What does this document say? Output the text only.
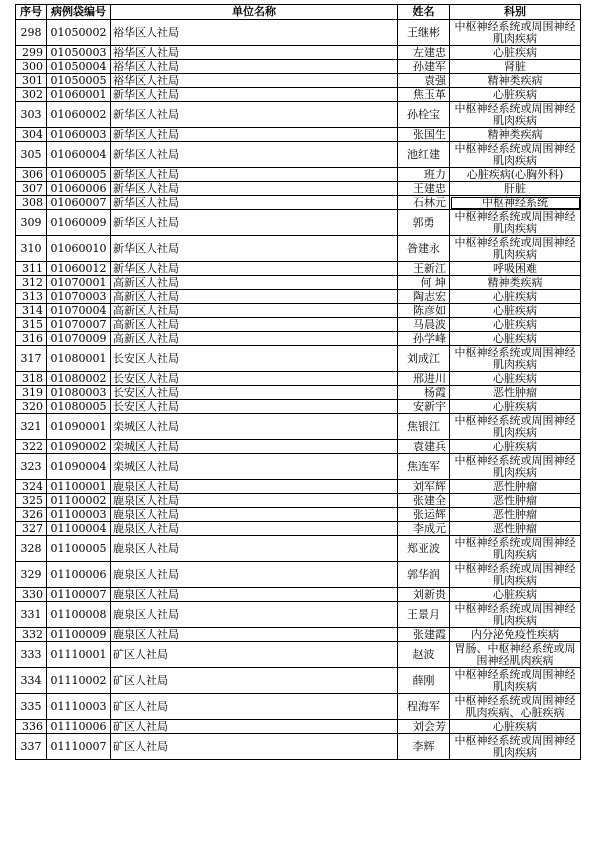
序号	病例袋编号	单位名称	姓名	科别
298	01050002	裕华区人社局	王继彬	中枢神经系统或周围神经肌肉疾病
299	01050003	裕华区人社局	左建忠	心脏疾病
300	01050004	裕华区人社局	孙建军	肾脏
301	01050005	裕华区人社局	袁强	精神类疾病
302	01060001	新华区人社局	焦玉革	心脏疾病
303	01060002	新华区人社局	孙栓宝	中枢神经系统或周围神经肌肉疾病
304	01060003	新华区人社局	张国生	精神类疾病
305	01060004	新华区人社局	池红建	中枢神经系统或周围神经肌肉疾病
306	01060005	新华区人社局	班力	心脏疾病(心胸外科)
307	01060006	新华区人社局	王建忠	肝脏
308	01060007	新华区人社局	石林元	中枢神经系统
309	01060009	新华区人社局	郭勇	中枢神经系统或周围神经肌肉疾病
310	01060010	新华区人社局	昝建永	中枢神经系统或周围神经肌肉疾病
311	01060012	新华区人社局	王新江	呼吸困难
312	01070001	高新区人社局	何 坤	精神类疾病
313	01070003	高新区人社局	陶志宏	心脏疾病
314	01070004	高新区人社局	陈彦如	心脏疾病
315	01070007	高新区人社局	马晨波	心脏疾病
316	01070009	高新区人社局	孙学峰	心脏疾病
317	01080001	长安区人社局	刘成江	中枢神经系统或周围神经肌肉疾病
318	01080002	长安区人社局	邢进川	心脏疾病
319	01080003	长安区人社局	杨霞	恶性肿瘤
320	01080005	长安区人社局	安新宇	心脏疾病
321	01090001	栾城区人社局	焦银江	中枢神经系统或周围神经肌肉疾病
322	01090002	栾城区人社局	袁建兵	心脏疾病
323	01090004	栾城区人社局	焦连军	中枢神经系统或周围神经肌肉疾病
324	01100001	鹿泉区人社局	刘军辉	恶性肿瘤
325	01100002	鹿泉区人社局	张建全	恶性肿瘤
326	01100003	鹿泉区人社局	张运辉	恶性肿瘤
327	01100004	鹿泉区人社局	李成元	恶性肿瘤
328	01100005	鹿泉区人社局	郑亚波	中枢神经系统或周围神经肌肉疾病
329	01100006	鹿泉区人社局	郭华润	中枢神经系统或周围神经肌肉疾病
330	01100007	鹿泉区人社局	刘新贵	心脏疾病
331	01100008	鹿泉区人社局	王景月	中枢神经系统或周围神经肌肉疾病
332	01100009	鹿泉区人社局	张建霞	内分泌免疫性疾病
333	01110001	矿区人社局	赵波	胃肠、中枢神经系统或周围神经肌肉疾病
334	01110002	矿区人社局	薛刚	中枢神经系统或周围神经肌肉疾病
335	01110003	矿区人社局	程海军	中枢神经系统或周围神经肌肉疾病、心脏疾病
336	01110006	矿区人社局	刘会芳	心脏疾病
337	01110007	矿区人社局	李辉	中枢神经系统或周围神经肌肉疾病
